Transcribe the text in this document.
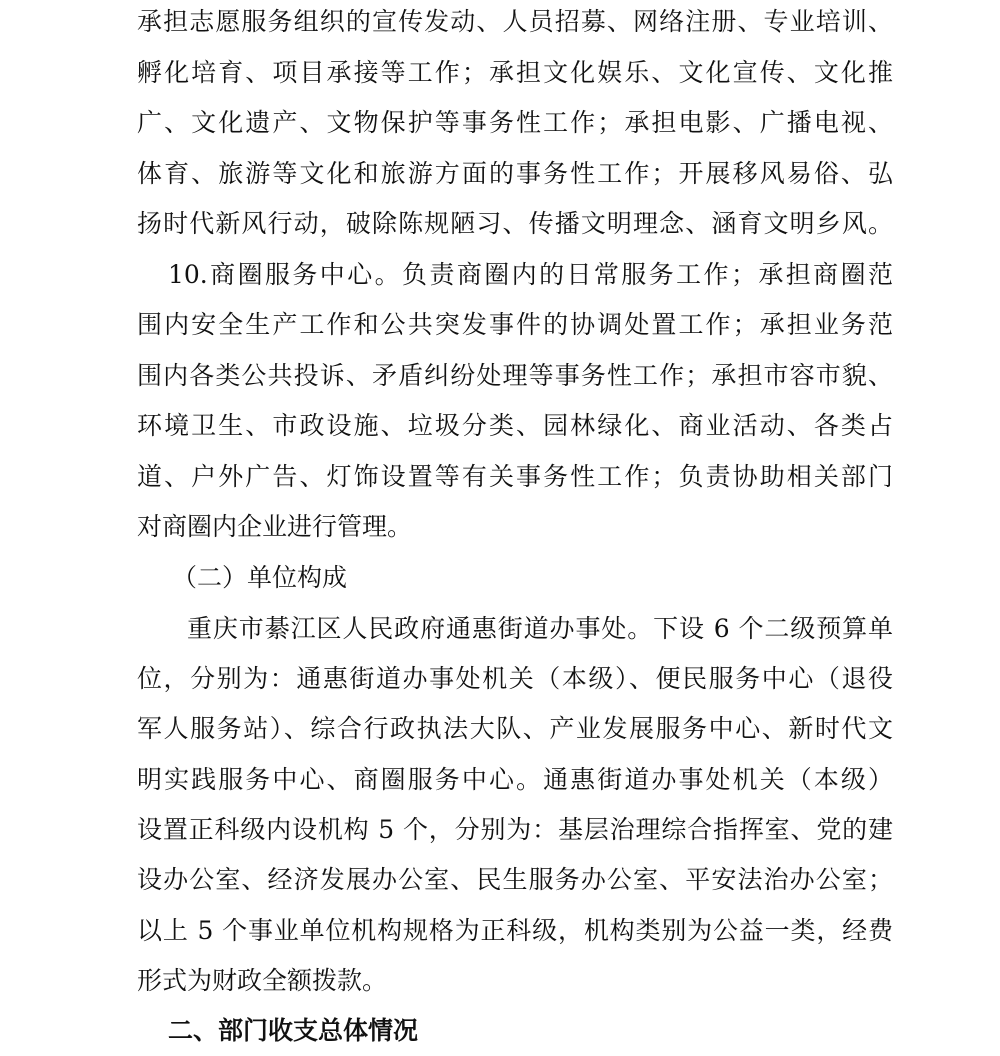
承担志愿服务组织的宣传发动、人员招募、网络注册、专业培训、
孵化培育、项目承接等工作；承担文化娱乐、文化宣传、文化推
广、文化遗产、文物保护等事务性工作；承担电影、广播电视、
体育、旅游等文化和旅游方面的事务性工作；开展移风易俗、弘
扬时代新风行动，破除陈规陋习、传播文明理念、涵育文明乡风。
10.商圈服务中心。负责商圈内的日常服务工作；承担商圈范
围内安全生产工作和公共突发事件的协调处置工作；承担业务范
围内各类公共投诉、矛盾纠纷处理等事务性工作；承担市容市貌、
环境卫生、市政设施、垃圾分类、园林绿化、商业活动、各类占
道、户外广告、灯饰设置等有关事务性工作；负责协助相关部门
对商圈内企业进行管理。
（二）单位构成
重庆市綦江区人民政府通惠街道办事处。下设 6 个二级预算单
位，分别为：通惠街道办事处机关（本级）、便民服务中心（退役
军人服务站）、综合行政执法大队、产业发展服务中心、新时代文
明实践服务中心、商圈服务中心。通惠街道办事处机关（本级）
设置正科级内设机构 5 个，分别为：基层治理综合指挥室、党的建
设办公室、经济发展办公室、民生服务办公室、平安法治办公室；
以上 5 个事业单位机构规格为正科级，机构类别为公益一类，经费
形式为财政全额拨款。
二、部门收支总体情况
